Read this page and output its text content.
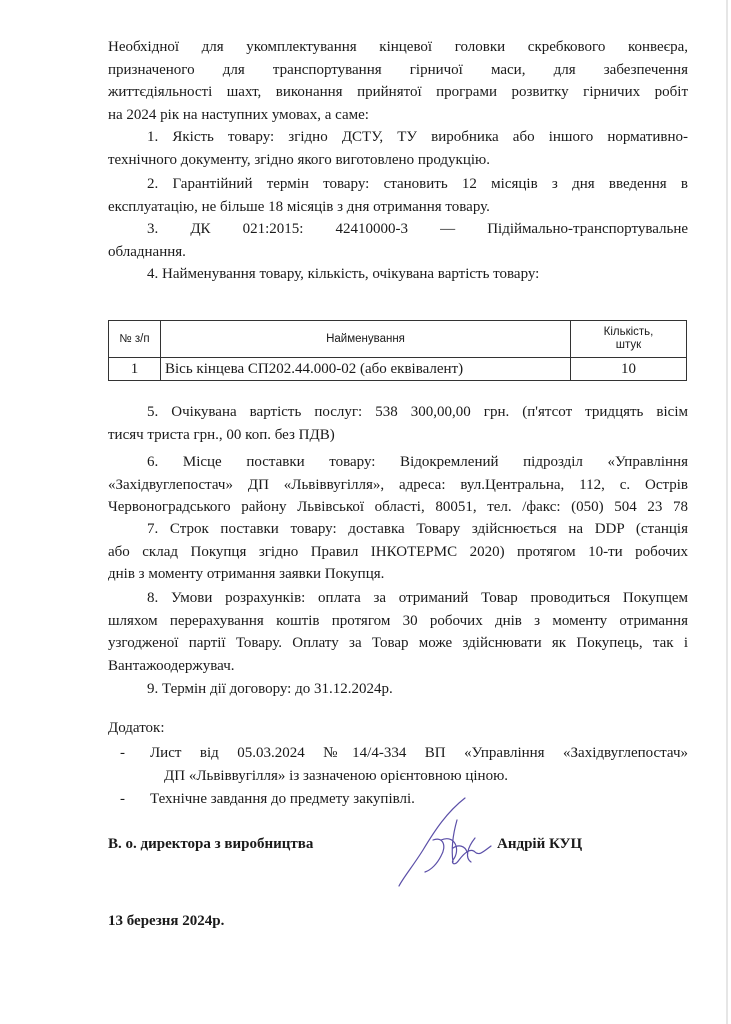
Необхідної для укомплектування кінцевої головки скребкового конвеєра,

призначеного для транспортування гірничої маси, для забезпечення

життєдіяльності шахт, виконання прийнятої програми розвитку гірничих робіт

на 2024 рік на наступних умовах, а саме:

1. Якість товару: згідно ДСТУ, ТУ виробника або іншого нормативно-

технічного документу, згідно якого виготовлено продукцію.

2. Гарантійний термін товару: становить 12 місяців з дня введення в

експлуатацію, не більше 18 місяців з дня отримання товару.

3. ДК 021:2015: 42410000-3 — Підіймально-транспортувальне

обладнання.

4. Найменування товару, кількість, очікувана вартість товару:

№ з/п	Найменування	Кількість,
штук
1	Вісь кінцева СП202.44.000-02 (або еквівалент)	10

5. Очікувана вартість послуг: 538 300,00,00 грн. (п'ятсот тридцять вісім

тисяч триста грн., 00 коп. без ПДВ)

6. Місце поставки товару: Відокремлений підрозділ «Управління

«Західвуглепостач» ДП «Львіввугілля», адреса: вул.Центральна, 112, с. Острів

Червоноградського району Львівської області, 80051, тел. /факс: (050) 504 23 78

7. Строк поставки товару: доставка Товару здійснюється на DDP (станція

або склад Покупця згідно Правил ІНКОТЕРМС 2020) протягом 10-ти робочих

днів з моменту отримання заявки Покупця.

8. Умови розрахунків: оплата за отриманий Товар проводиться Покупцем

шляхом перерахування коштів протягом 30 робочих днів з моменту отримання

узгодженої партії Товару. Оплату за Товар може здійснювати як Покупець, так і

Вантажоодержувач.

9. Термін дії договору: до 31.12.2024р.

Додаток:
- Лист від 05.03.2024 №14/4-334 ВП «Управління «Західвуглепостач»

ДП «Львіввугілля» із зазначеною орієнтовною ціною.

- Технічне завдання до предмету закупівлі.

В. о. директора з виробництва	Андрій КУЦ
13 березня 2024р.
